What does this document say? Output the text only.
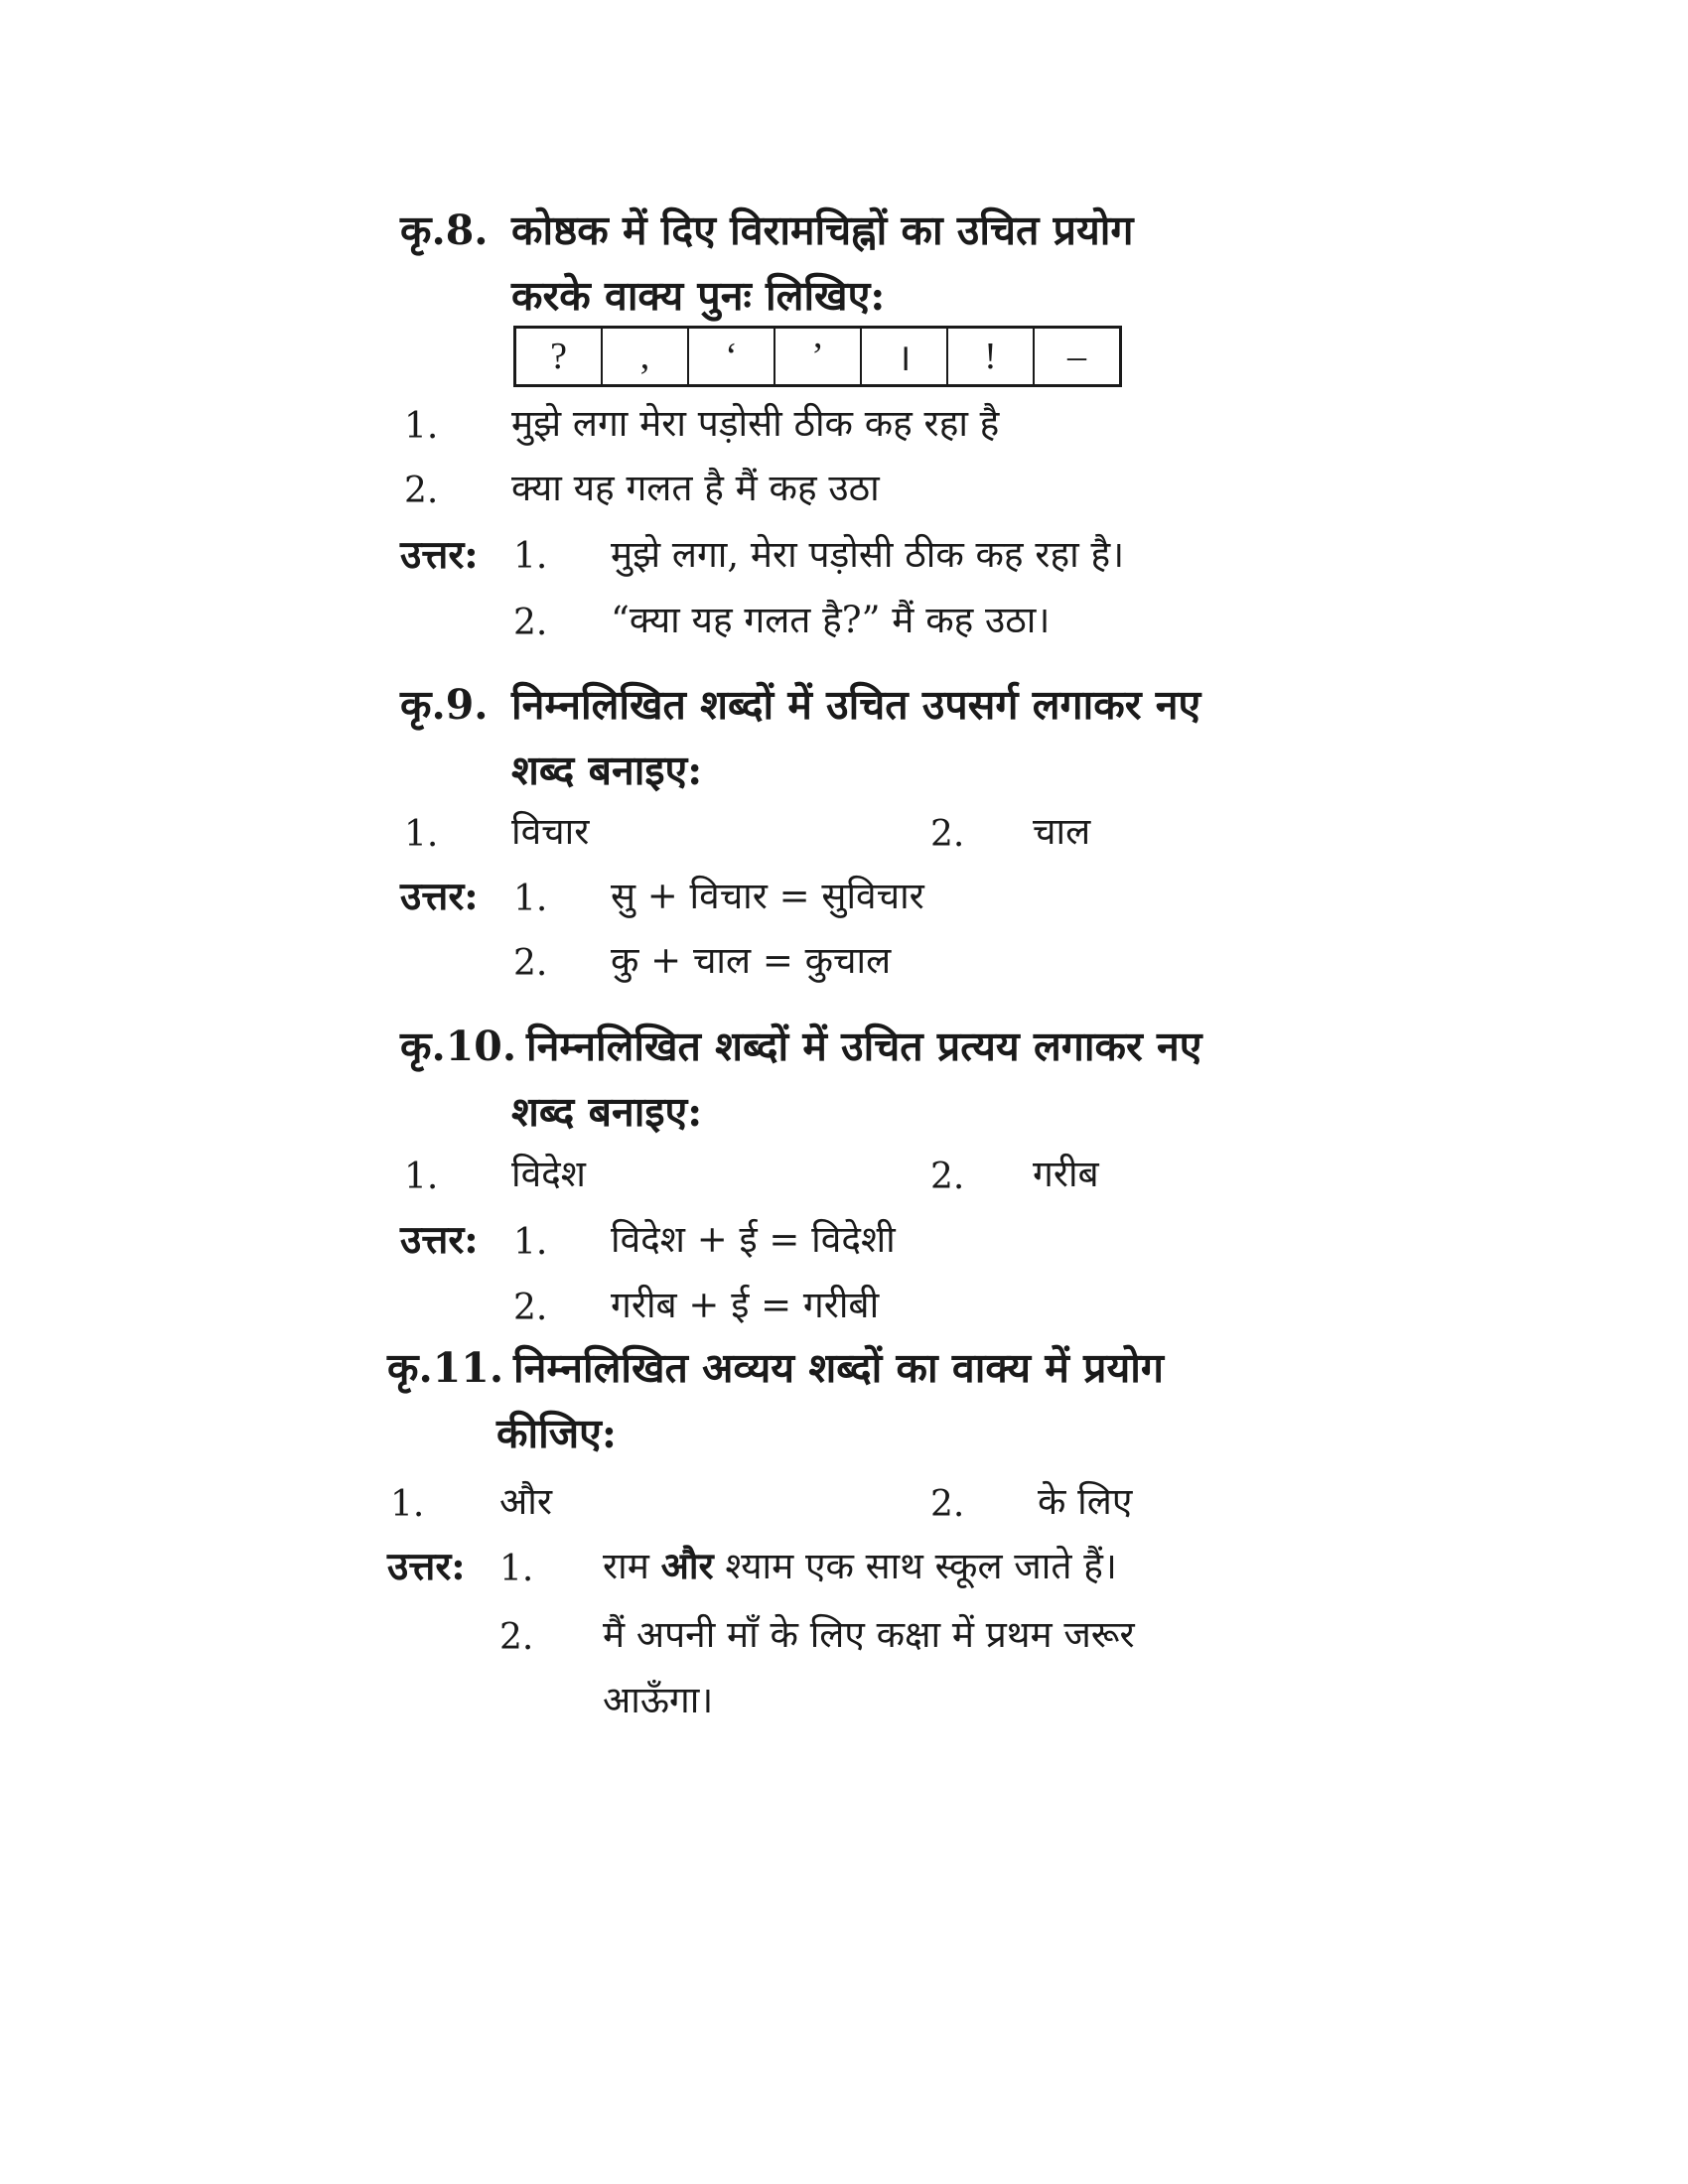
कृ.8. कोष्ठक में दिए विरामचिह्नों का उचित प्रयोग
करके वाक्य पुनः लिखिए:
?	,	‘	’	।	!	–
1. मुझे लगा मेरा पड़ोसी ठीक कह रहा है
2. क्या यह गलत है मैं कह उठा
उत्तर: 1. मुझे लगा, मेरा पड़ोसी ठीक कह रहा है।
2. “क्या यह गलत है?” मैं कह उठा।
कृ.9. निम्नलिखित शब्दों में उचित उपसर्ग लगाकर नए
शब्द बनाइए:
1. विचार	2. चाल
उत्तर: 1. सु + विचार = सुविचार
2. कु + चाल = कुचाल
कृ.10. निम्नलिखित शब्दों में उचित प्रत्यय लगाकर नए
शब्द बनाइए:
1. विदेश	2. गरीब
उत्तर: 1. विदेश + ई = विदेशी
2. गरीब + ई = गरीबी
कृ.11. निम्नलिखित अव्यय शब्दों का वाक्य में प्रयोग
कीजिए:
1. और	2. के लिए
उत्तर: 1. राम और श्याम एक साथ स्कूल जाते हैं।
2. मैं अपनी माँ के लिए कक्षा में प्रथम जरूर
आऊँगा।
